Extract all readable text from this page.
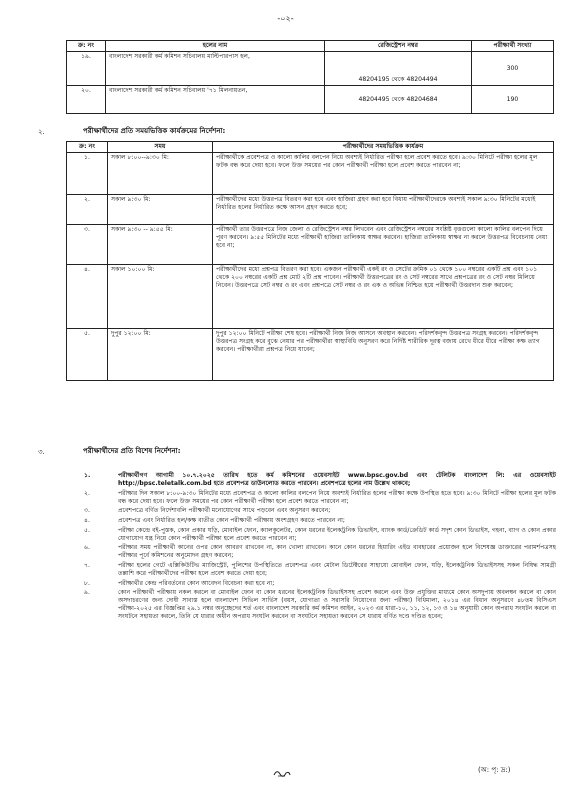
-০২-
ক্র: নং	হলের নাম	রেজিস্ট্রেশন নম্বর	পরীক্ষার্থী সংখ্যা
১৯.	বাংলাদেশ সরকারী কর্ম কমিশন সচিবালয় মাল্টিপারপাস হল,	48204195 থেকে 48204494	300
২০.	বাংলাদেশ সরকারী কর্ম কমিশন সচিবালয় '৭১ মিলনায়তন,	48204495 থেকে 48204684	190
২.	পরীক্ষার্থীদের প্রতি সময়ভিত্তিক কার্যক্রমের নির্দেশনা:
ক্র: নং	সময়	পরীক্ষার্থীদের সময়ভিত্তিক কার্যক্রম
১.	সকাল ৮:০০--৯:৩০ মি:	পরীক্ষার্থীকে প্রবেশপত্র ও কালো কালির বলপেন নিয়ে অবশ্যই নির্ধারিত পরীক্ষা হলে প্রবেশ করতে হবে। ৯:৩০ মিনিটে পরীক্ষা হলের মূল ফটক বন্ধ করে দেয়া হবে। ফলে উক্ত সময়ের পর কোন পরীক্ষার্থী পরীক্ষা হলে প্রবেশ করতে পারবেন না;
২.	সকাল ৯:৩০ মি:	পরীক্ষার্থীদের মধ্যে উত্তরপত্র বিতরণ করা হবে এবং হাজিরা গ্রহণ করা হবে বিধায় পরীক্ষার্থীদেরকে অবশ্যই সকাল ৯:৩০ মিনিটের মধ্যেই নির্ধারিত হলের নির্ধারিত কক্ষে আসন গ্রহণ করতে হবে;
৩.	সকাল ৯:৩০ -- ৯:৫৫ মি:	পরীক্ষার্থী তার উত্তরপত্রে নিজ জেলা ও রেজিস্ট্রেশন নম্বর লিখবেন এবং রেজিস্ট্রেশন নম্বরের সংশ্লিষ্ট বৃত্তগুলো কালো কালির বলপেন দিয়ে পূরণ করবেন। ৯:৫৫ মিনিটের মধ্যে পরীক্ষার্থী হাজিরা তালিকায় স্বাক্ষর করবেন। হাজিরা তালিকায় স্বাক্ষর না করলে উত্তরপত্র বিবেচনায় নেয়া হবে না;
৪.	সকাল ১০:০০ মি:	পরীক্ষার্থীদের মধ্যে প্রশ্নপত্র বিতরণ করা হবে। একজন পরীক্ষার্থী একই রং ও সেটের ক্রমিক ০১ থেকে ১০০ নম্বরের একটি প্রশ্ন এবং ১০১ থেকে ২০০ নম্বরের একটি প্রশ্ন মোট ২টি প্রশ্ন পাবেন। পরীক্ষার্থী উত্তরপত্রের রং ও সেট নম্বরের সাথে প্রশ্নপত্রের রং ও সেট নম্বর মিলিয়ে নিবেন। উত্তরপত্রে সেট নম্বর ও রং এবং প্রশ্নপত্রে সেট নম্বর ও রং এক ও অভিন্ন নিশ্চিত হয়ে পরীক্ষার্থী উত্তরদান শুরু করবেন;
৫.	দুপুর ১২:০০ মি:	দুপুর ১২:০০ মিনিটে পরীক্ষা শেষ হবে। পরীক্ষার্থী নিজ নিজ আসনে অবস্থান করবেন। পরিদর্শকবৃন্দ উত্তরপত্র সংগ্রহ করবেন। পরিদর্শকবৃন্দ উত্তরপত্র সংগ্রহ করে বুঝে নেয়ার পর পরীক্ষার্থীরা স্বাস্থ্যবিধি অনুসরণ করে নির্দিষ্ট শারীরিক দূরত্ব বজায় রেখে ধীরে ধীরে পরীক্ষা কক্ষ ত্যাগ করবেন। পরীক্ষার্থীরা প্রশ্নপত্র নিয়ে যাবেন;
৩.	পরীক্ষার্থীদের প্রতি বিশেষ নির্দেশনা:
১.	পরীক্ষার্থীগণ আগামী ১০.৭.২০২৫ তারিখ হতে কর্ম কমিশনের ওয়েবসাইট www.bpsc.gov.bd এবং টেলিটক বাংলাদেশ লি: এর ওয়েবসাইট http://bpsc.teletalk.com.bd হতে প্রবেশপত্র ডাউনলোড করতে পারবেন। প্রবেশপত্রে হলের নাম উল্লেখ থাকবে;
২.	পরীক্ষার দিন সকাল ৮:০০-৯:৩০ মিনিটের মধ্যে প্রবেশপত্র ও কালো কালির বলপেন নিয়ে অবশ্যই নির্ধারিত হলের পরীক্ষা কক্ষে উপস্থিত হতে হবে। ৯:৩০ মিনিটে পরীক্ষা হলের মূল ফটক বন্ধ করে দেয়া হবে। ফলে উক্ত সময়ের পর কোন পরীক্ষার্থী পরীক্ষা হলে প্রবেশ করতে পারবেন না;
৩.	প্রবেশপত্রে বর্ণিত নির্দেশাবলি পরীক্ষার্থী মনোযোগের সাথে পড়বেন এবং অনুসরণ করবেন;
৪.	প্রবেশপত্র এবং নির্ধারিত হল/কক্ষ ব্যতীত কোন পরীক্ষার্থী পরীক্ষায় অংশগ্রহণ করতে পারবেন না;
৫.	পরীক্ষা কেন্দ্রে বই-পুস্তক, কোন প্রকার ঘড়ি, মোবাইল ফোন, ক্যালকুলেটর, কোন ধরনের ইলেকট্রনিক ডিভাইস, ব্যাংক কার্ড/ক্রেডিট কার্ড সদৃশ কোন ডিভাইস, গহনা, ব্যাগ ও কোন প্রকার যোগাযোগ যন্ত্র নিয়ে কোন পরীক্ষার্থী পরীক্ষা হলে প্রবেশ করতে পারবেন না;
৬.	পরীক্ষার সময় পরীক্ষার্থী কানের ওপর কোন আবরণ রাখবেন না, কান খোলা রাখবেন। কানে কোন ধরনের হিয়ারিং এইড ব্যবহারের প্রয়োজন হলে বিশেষজ্ঞ ডাক্তারের পরামর্শপত্রসহ পরীক্ষার পূর্বে কমিশনের অনুমোদন গ্রহণ করবেন;
৭.	পরীক্ষা হলের গেটে এক্সিকিউটিভ ম্যাজিস্ট্রেট, পুলিশের উপস্থিতিতে প্রবেশপত্র এবং মেটাল ডিটেক্টরের সাহায্যে মোবাইল ফোন, ঘড়ি, ইলেকট্রনিক ডিভাইসসহ সকল নিষিদ্ধ সামগ্রী তল্লাশি করে পরীক্ষার্থীদের পরীক্ষা হলে প্রবেশ করতে দেয়া হবে;
৮.	পরীক্ষার্থীর কেন্দ্র পরিবর্তনের কোন আবেদন বিবেচনা করা হবে না;
৯.	কোন পরীক্ষার্থী পরীক্ষায় নকল করলে বা মোবাইল ফোন বা কোন ধরনের ইলেকট্রনিক ডিভাইসসহ প্রবেশ করলে এবং উক্ত প্রযুক্তির মাধ্যমে কোন অসদুপায় অবলম্বন করলে বা কোন অসদাচরণের জন্য দোষী সাব্যস্ত হলে বাংলাদেশ সিভিল সার্ভিস (বয়স, যোগ্যতা ও সরাসরি নিয়োগের জন্য পরীক্ষা) বিধিমালা, ২০১৪ এর বিধান অনুসরণে ৪৮তম বিসিএস পরীক্ষা-২০২৫ এর বিজ্ঞপ্তির ২৯.১ নম্বর অনুচ্ছেদের শর্ত এবং বাংলাদেশ সরকারি কর্ম কমিশন আইন, ২০২৩ এর ধারা-১০, ১১, ১২, ১৩ ও ১৪ অনুযায়ী কোন অপরাধ সংঘটন করলে বা সংঘটনে সহায়তা করলে, তিনি যে ধারার অধীন অপরাধ সংঘটন করবেন বা সংঘটনে সহায়তা করবেন সে ধারায় বর্ণিত দণ্ডে দণ্ডিত হবেন;
(অ: পৃ: দ্র:)
